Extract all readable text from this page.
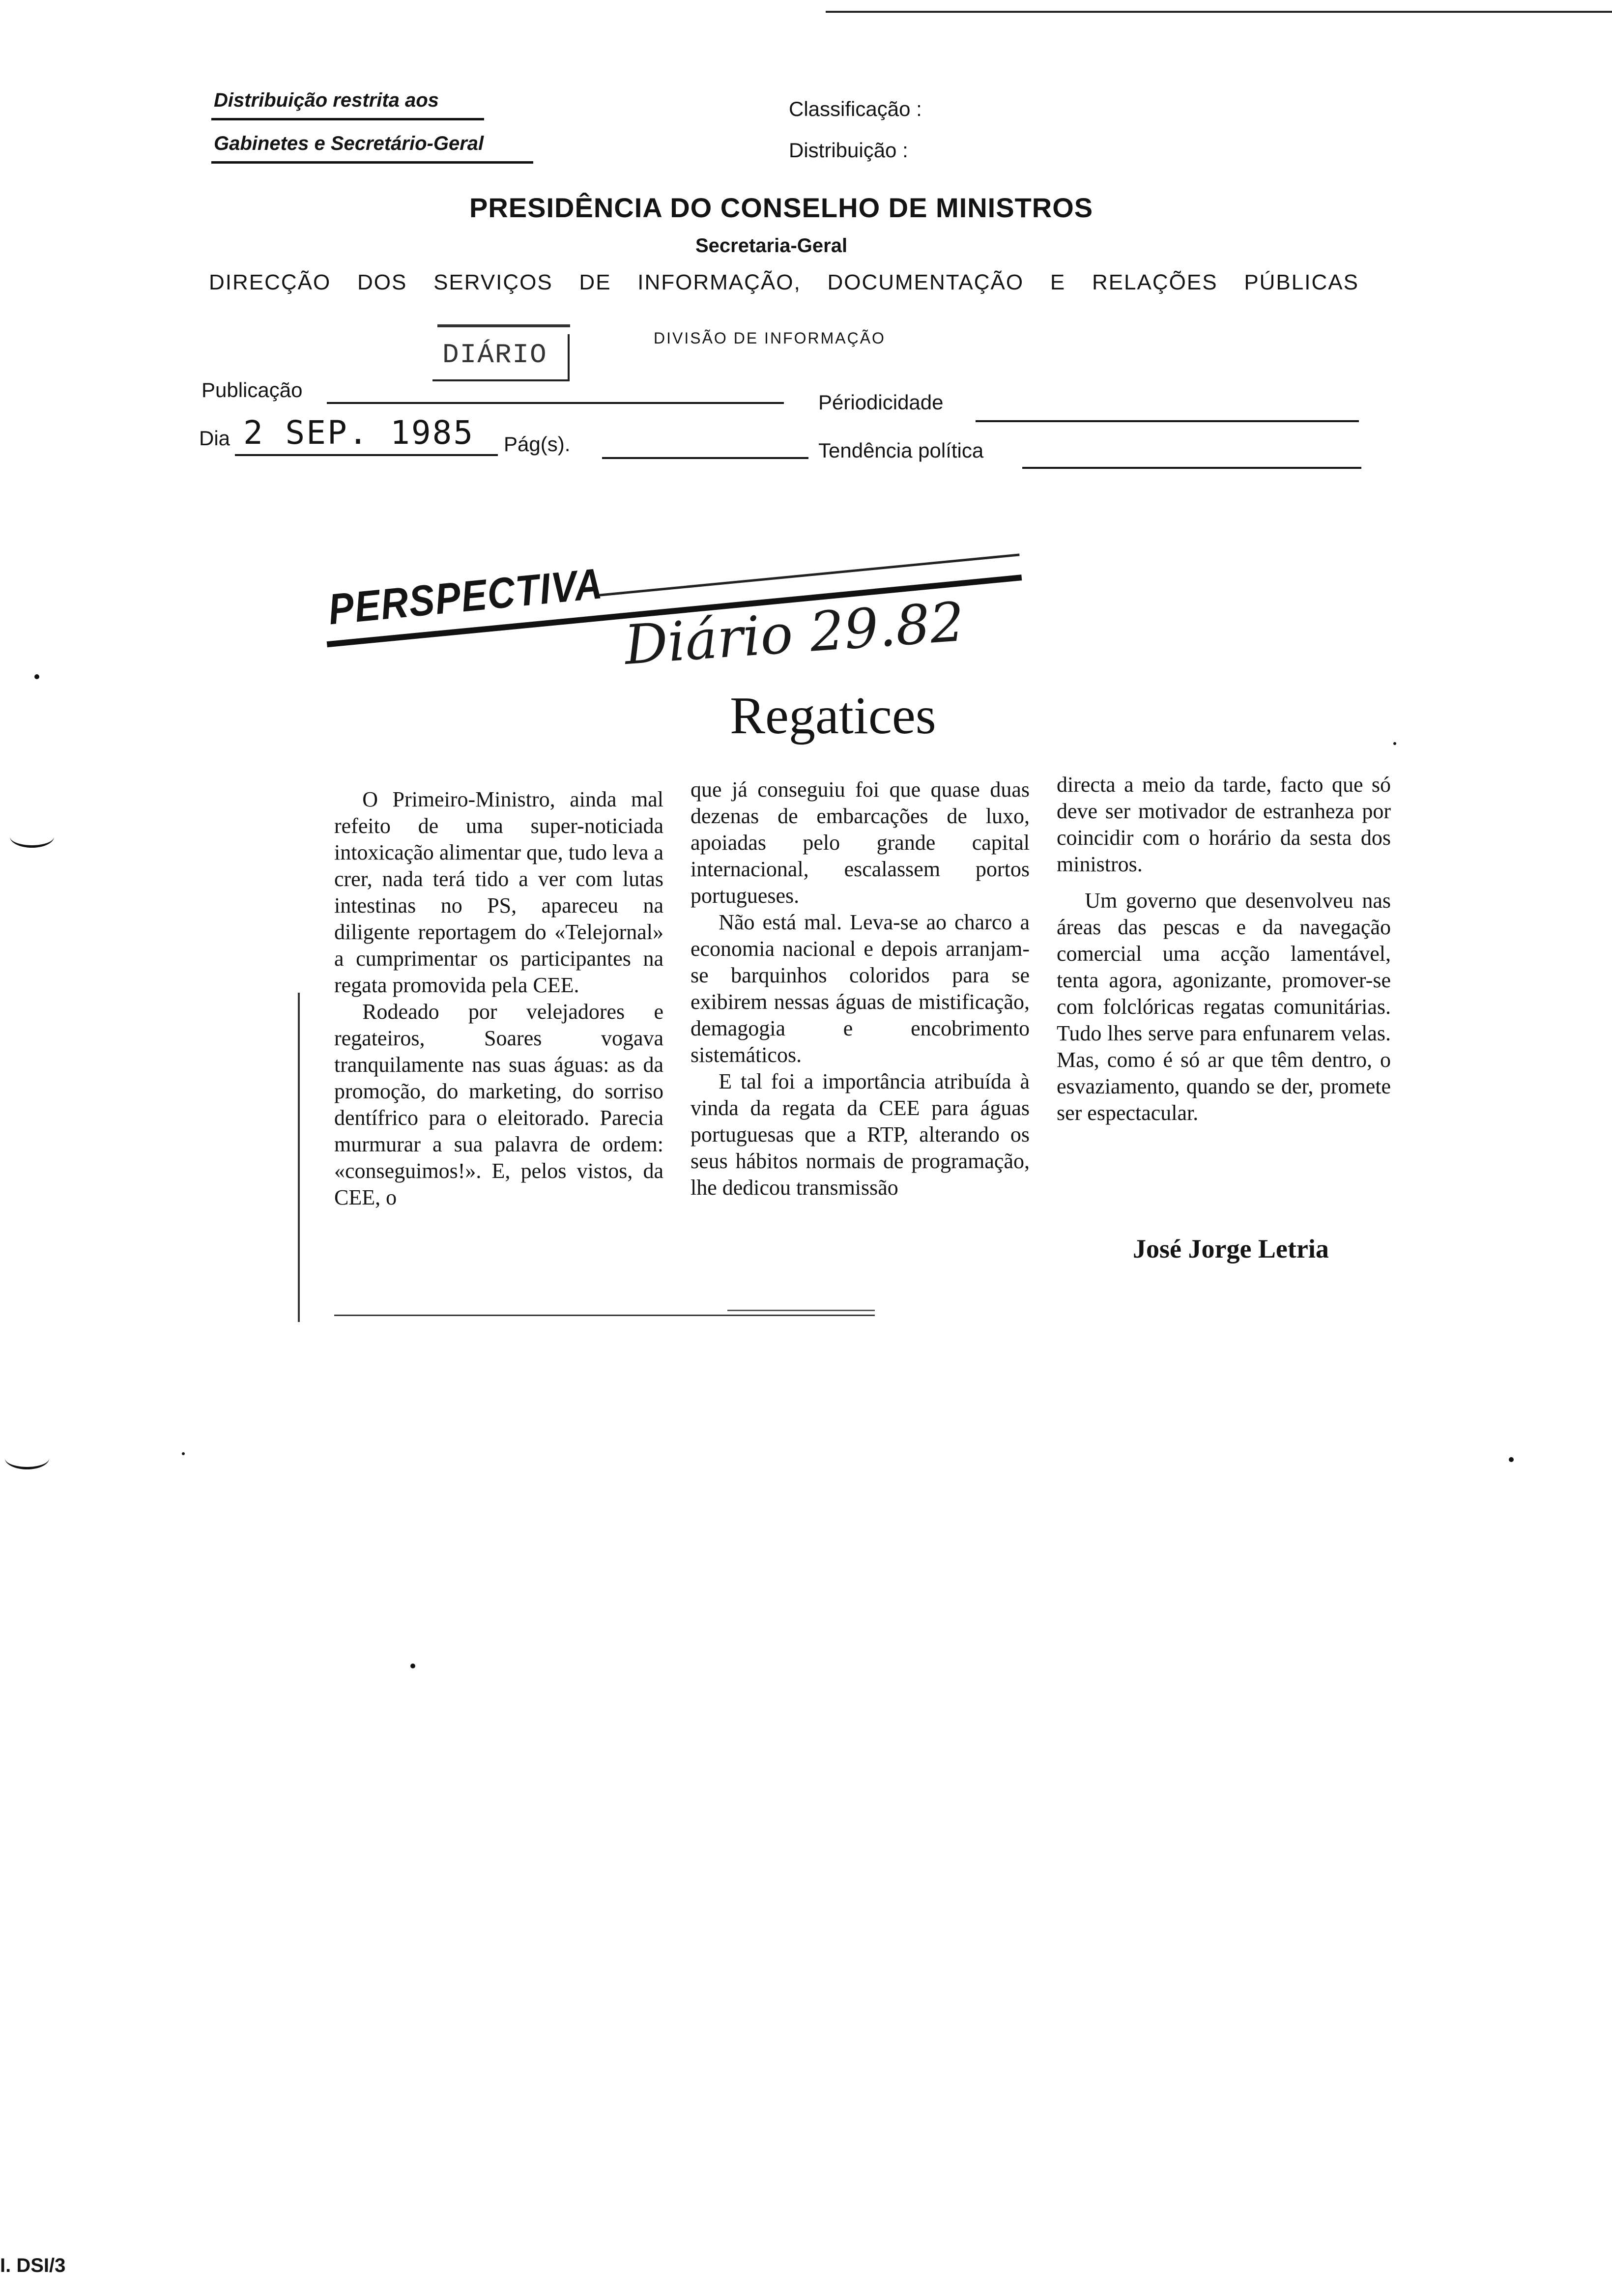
Distribuição restrita aos
Gabinetes e Secretário-Geral
Classificação :
Distribuição :
PRESIDÊNCIA DO CONSELHO DE MINISTROS
Secretaria-Geral
DIRECÇÃO DOS SERVIÇOS DE INFORMAÇÃO, DOCUMENTAÇÃO E RELAÇÕES PÚBLICAS
DIVISÃO DE INFORMAÇÃO
DIÁRIO
Publicação
Périodicidade
Dia 2 SEP. 1985 Pág(s).	Tendência política
PERSPECTIVA Diário 29.82
Regatices

O Primeiro-Ministro, ainda mal refeito de uma super-noticiada intoxicação alimentar que, tudo leva a crer, nada terá tido a ver com lutas intestinas no PS, apareceu na diligente reportagem do «Telejornal» a cumprimentar os participantes na regata promovida pela CEE.

Rodeado por velejadores e regateiros, Soares vogava tranquilamente nas suas águas: as da promoção, do marketing, do sorriso dentífrico para o eleitorado. Parecia murmurar a sua palavra de ordem: «conseguimos!». E, pelos vistos, da CEE, o

que já conseguiu foi que quase duas dezenas de embarcações de luxo, apoiadas pelo grande capital internacional, escalassem portos portugueses.

Não está mal. Leva-se ao charco a economia nacional e depois arranjam-se barquinhos coloridos para se exibirem nessas águas de mistificação, demagogia e encobrimento sistemáticos.

E tal foi a importância atribuída à vinda da regata da CEE para águas portuguesas que a RTP, alterando os seus hábitos normais de programação, lhe dedicou transmissão

directa a meio da tarde, facto que só deve ser motivador de estranheza por coincidir com o horário da sesta dos ministros.

Um governo que desenvolveu nas áreas das pescas e da navegação comercial uma acção lamentável, tenta agora, agonizante, promover-se com folclóricas regatas comunitárias. Tudo lhes serve para enfunarem velas. Mas, como é só ar que têm dentro, o esvaziamento, quando se der, promete ser espectacular.

José Jorge Letria
I. DSI/3
